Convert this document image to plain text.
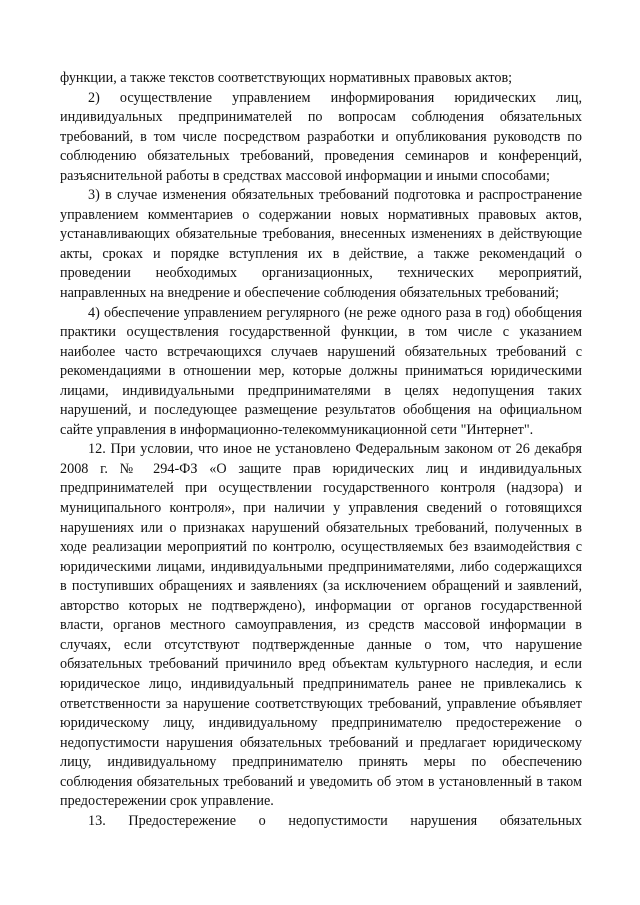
функции, а также текстов соответствующих нормативных правовых актов;

2) осуществление управлением информирования юридических лиц, индивидуальных предпринимателей по вопросам соблюдения обязательных требований, в том числе посредством разработки и опубликования руководств по соблюдению обязательных требований, проведения семинаров и конференций, разъяснительной работы в средствах массовой информации и иными способами;

3) в случае изменения обязательных требований подготовка и распространение управлением комментариев о содержании новых нормативных правовых актов, устанавливающих обязательные требования, внесенных изменениях в действующие акты, сроках и порядке вступления их в действие, а также рекомендаций о проведении необходимых организационных, технических мероприятий, направленных на внедрение и обеспечение соблюдения обязательных требований;

4) обеспечение управлением регулярного (не реже одного раза в год) обобщения практики осуществления государственной функции, в том числе с указанием наиболее часто встречающихся случаев нарушений обязательных требований с рекомендациями в отношении мер, которые должны приниматься юридическими лицами, индивидуальными предпринимателями в целях недопущения таких нарушений, и последующее размещение результатов обобщения на официальном сайте управления в информационно-телекоммуникационной сети "Интернет".

12. При условии, что иное не установлено Федеральным законом от 26 декабря 2008 г. № 294-ФЗ «О защите прав юридических лиц и индивидуальных предпринимателей при осуществлении государственного контроля (надзора) и муниципального контроля», при наличии у управления сведений о готовящихся нарушениях или о признаках нарушений обязательных требований, полученных в ходе реализации мероприятий по контролю, осуществляемых без взаимодействия с юридическими лицами, индивидуальными предпринимателями, либо содержащихся в поступивших обращениях и заявлениях (за исключением обращений и заявлений, авторство которых не подтверждено), информации от органов государственной власти, органов местного самоуправления, из средств массовой информации в случаях, если отсутствуют подтвержденные данные о том, что нарушение обязательных требований причинило вред объектам культурного наследия, и если юридическое лицо, индивидуальный предприниматель ранее не привлекались к ответственности за нарушение соответствующих требований, управление объявляет юридическому лицу, индивидуальному предпринимателю предостережение о недопустимости нарушения обязательных требований и предлагает юридическому лицу, индивидуальному предпринимателю принять меры по обеспечению соблюдения обязательных требований и уведомить об этом в установленный в таком предостережении срок управление.

13. Предостережение о недопустимости нарушения обязательных
